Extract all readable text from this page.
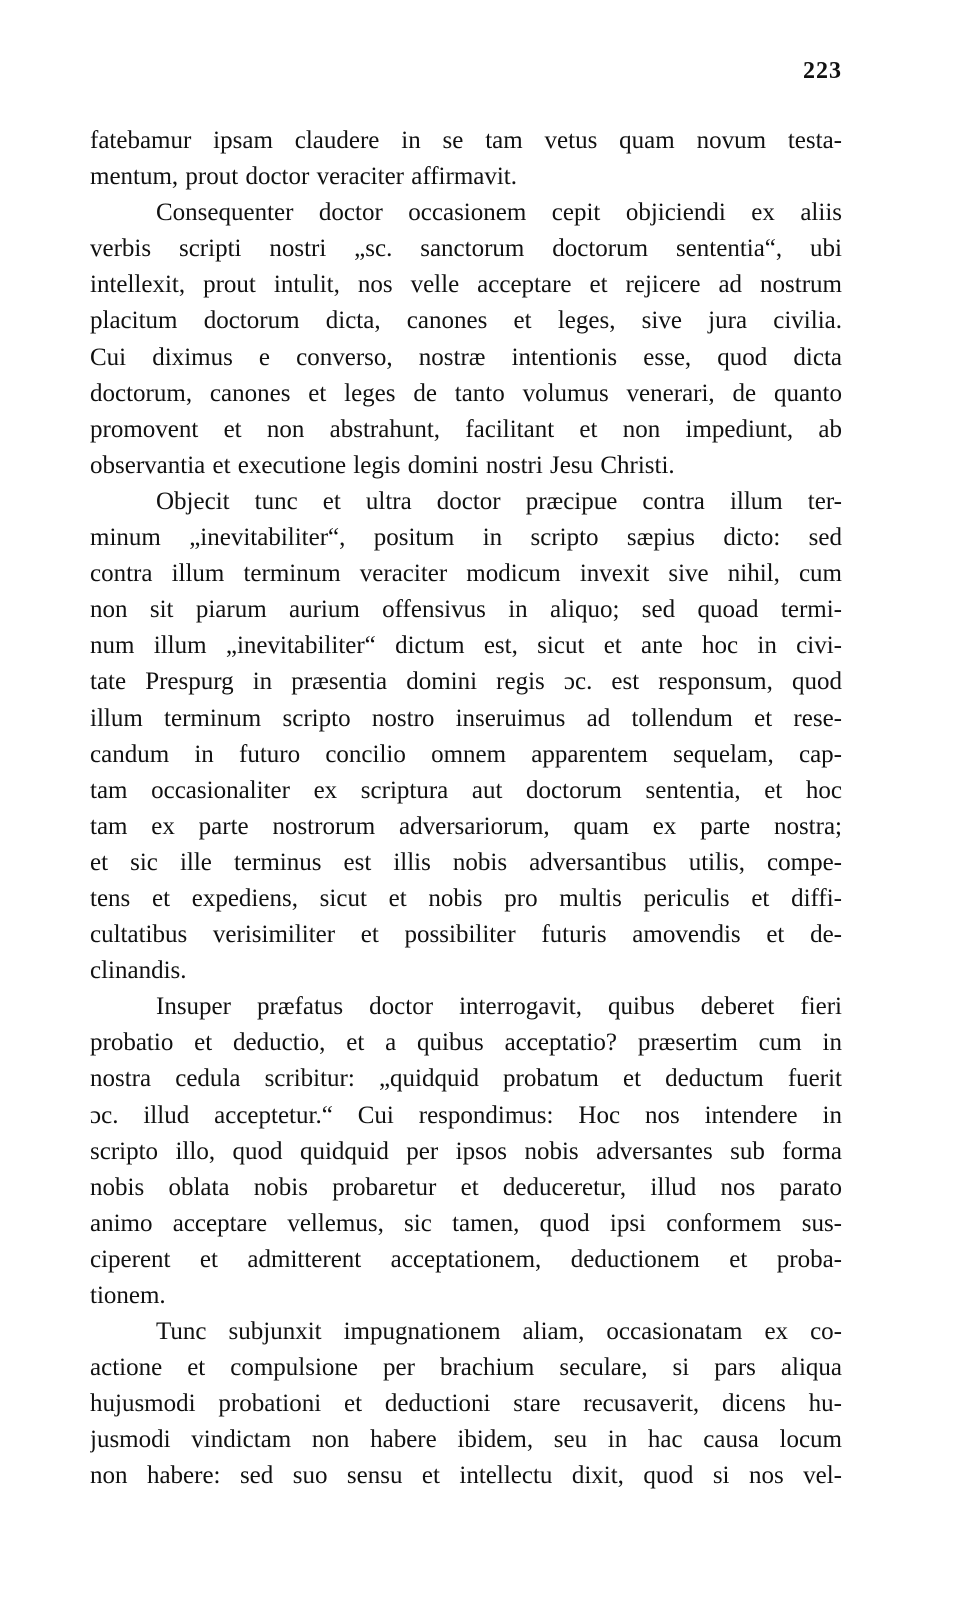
223

fatebamur ipsam claudere in se tam vetus quam novum testa-
mentum, prout doctor veraciter affirmavit.

Consequenter doctor occasionem cepit objiciendi ex aliis
verbis scripti nostri „sc. sanctorum doctorum sententia“, ubi
intellexit, prout intulit, nos velle acceptare et rejicere ad nostrum
placitum doctorum dicta, canones et leges, sive jura civilia.
Cui diximus e converso, nostræ intentionis esse, quod dicta
doctorum, canones et leges de tanto volumus venerari, de quanto
promovent et non abstrahunt, facilitant et non impediunt, ab
observantia et executione legis domini nostri Jesu Christi.

Objecit tunc et ultra doctor præcipue contra illum ter-
minum „inevitabiliter“, positum in scripto sæpius dicto: sed
contra illum terminum veraciter modicum invexit sive nihil, cum
non sit piarum aurium offensivus in aliquo; sed quoad termi-
num illum „inevitabiliter“ dictum est, sicut et ante hoc in civi-
tate Prespurg in præsentia domini regis ɔc. est responsum, quod
illum terminum scripto nostro inseruimus ad tollendum et rese-
candum in futuro concilio omnem apparentem sequelam, cap-
tam occasionaliter ex scriptura aut doctorum sententia, et hoc
tam ex parte nostrorum adversariorum, quam ex parte nostra;
et sic ille terminus est illis nobis adversantibus utilis, compe-
tens et expediens, sicut et nobis pro multis periculis et diffi-
cultatibus verisimiliter et possibiliter futuris amovendis et de-
clinandis.

Insuper præfatus doctor interrogavit, quibus deberet fieri
probatio et deductio, et a quibus acceptatio? præsertim cum in
nostra cedula scribitur: „quidquid probatum et deductum fuerit
ɔc. illud acceptetur.“ Cui respondimus: Hoc nos intendere in
scripto illo, quod quidquid per ipsos nobis adversantes sub forma
nobis oblata nobis probaretur et deduceretur, illud nos parato
animo acceptare vellemus, sic tamen, quod ipsi conformem sus-
ciperent et admitterent acceptationem, deductionem et proba-
tionem.

Tunc subjunxit impugnationem aliam, occasionatam ex co-
actione et compulsione per brachium seculare, si pars aliqua
hujusmodi probationi et deductioni stare recusaverit, dicens hu-
jusmodi vindictam non habere ibidem, seu in hac causa locum
non habere: sed suo sensu et intellectu dixit, quod si nos vel-
